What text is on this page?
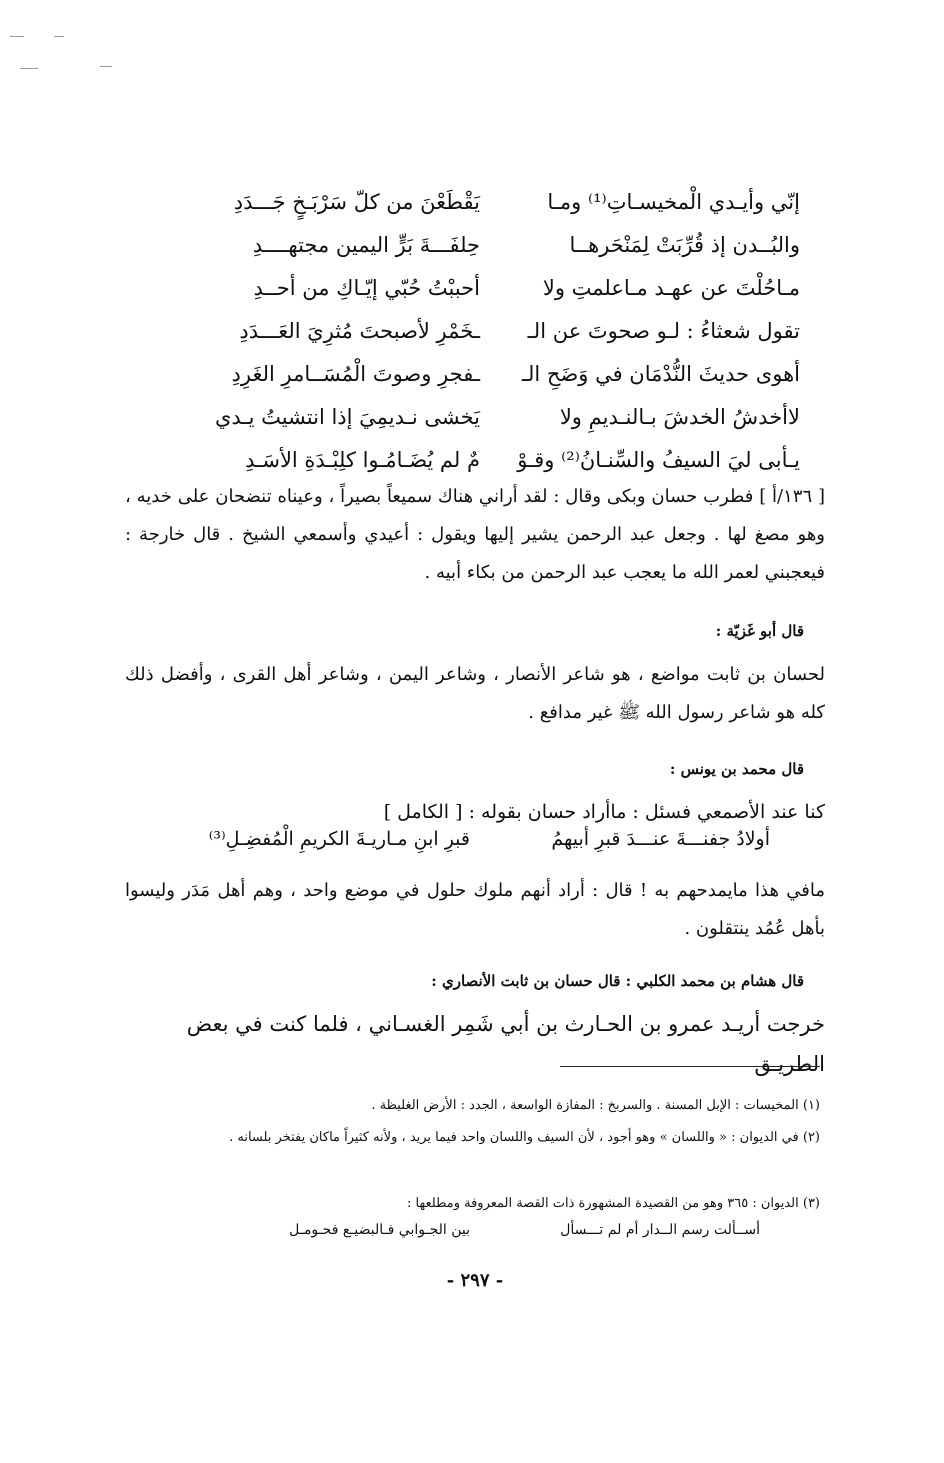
إنّي وأيـدي الْمخيسـاتِ⁽¹⁾ ومـا
يَقْطَعْنَ من كلّ سَرْبَـخٍ جَـــدَدِ
والبُــدن إذ قُرِّبَتْ لِمَنْحَرهــا
حِلفَـــةَ بَرٍّ اليمين مجتهــــدِ
مـاحُلْتَ عن عهـد مـاعلمتِ ولا
أحببْتُ حُبّي إيّـاكِ من أحــدِ
تقول شعثاءُ : لـو صحوتَ عن الـ
ـخَمْرِ لأصبحتَ مُثرِيَ العَـــدَدِ
أهوى حديثَ النُّدْمَان في وَضَحِ الـ
ـفجرِ وصوتَ الْمُسَــامرِ الغَرِدِ
لاأخدشُ الخدشَ بـالنـديمِ ولا
يَخشى نـديمِيَ إذا انتشيتُ يـدي
يـأبى ليَ السيفُ والسِّنـانُ⁽²⁾ وقـوْ
مٌ لم يُضَـامُـوا كلِبْـدَةِ الأسَـدِ
[ ١٣٦/أ ] فطرب حسان وبكى وقال : لقد أراني هناك سميعاً بصيراً ، وعيناه تنضحان على خديه ، وهو مصغ لها . وجعل عبد الرحمن يشير إليها ويقول : أعيدي وأسمعي الشيخ . قال خارجة : فيعجبني لعمر الله ما يعجب عبد الرحمن من بكاء أبيه .
قال أبو غَزيّة :
لحسان بن ثابت مواضع ، هو شاعر الأنصار ، وشاعر اليمن ، وشاعر أهل القرى ، وأفضل ذلك كله هو شاعر رسول الله ﷺ غير مدافع .
قال محمد بن يونس :
كنا عند الأصمعي فسئل : ماأراد حسان بقوله : [ الكامل ]
أولادُ جفنـــةَ عنـــدَ قبرِ أبيهمُ
قبرِ ابنِ مـاريـةَ الكريمِ الْمُفضِـلِ⁽³⁾
مافي هذا مايمدحهم به ! قال : أراد أنهم ملوك حلول في موضع واحد ، وهم أهل مَدَر وليسوا بأهل عُمُد ينتقلون .
قال هشام بن محمد الكلبي : قال حسان بن ثابت الأنصاري :
خرجت أريـد عمرو بن الحـارث بن أبي شَمِر الغسـاني ، فلما كنت في بعض الطريـق
(١) المخيسات : الإبل المسنة . والسربخ : المفازة الواسعة ، الجدد : الأرض الغليظة .
(٢) في الديوان : « واللسان » وهو أجود ، لأن السيف واللسان واحد فيما يريد ، ولأنه كثيراً ماكان يفتخر بلسانه .
(٣) الديوان : ٣٦٥ وهو من القصيدة المشهورة ذات القصة المعروفة ومطلعها :
أســألت رسم الــدار أم لم تـــسأل
بين الجـوابي فـالبضيـع فحـومـل
- ٢٩٧ -
